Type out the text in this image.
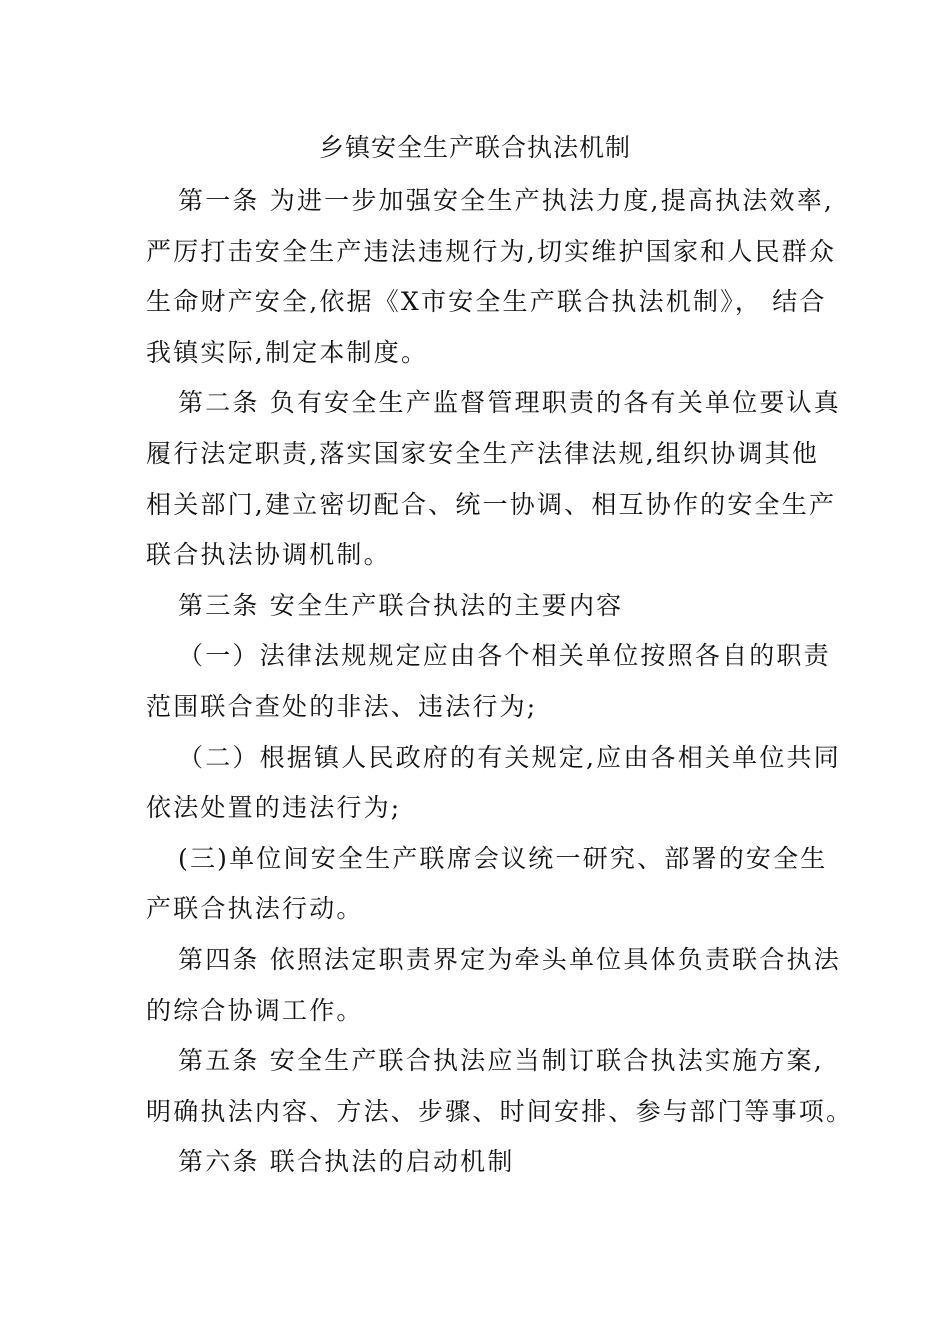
乡镇安全生产联合执法机制
第一条 为进一步加强安全生产执法力度,提高执法效率,
严厉打击安全生产违法违规行为,切实维护国家和人民群众
生命财产安全,依据《X市安全生产联合执法机制》， 结合
我镇实际,制定本制度。
第二条 负有安全生产监督管理职责的各有关单位要认真
履行法定职责,落实国家安全生产法律法规,组织协调其他
相关部门,建立密切配合、统一协调、相互协作的安全生产
联合执法协调机制。
第三条 安全生产联合执法的主要内容
（一）法律法规规定应由各个相关单位按照各自的职责
范围联合查处的非法、违法行为;
（二）根据镇人民政府的有关规定,应由各相关单位共同
依法处置的违法行为;
(三)单位间安全生产联席会议统一研究、部署的安全生
产联合执法行动。
第四条 依照法定职责界定为牵头单位具体负责联合执法
的综合协调工作。
第五条 安全生产联合执法应当制订联合执法实施方案,
明确执法内容、方法、步骤、时间安排、参与部门等事项。
第六条 联合执法的启动机制
